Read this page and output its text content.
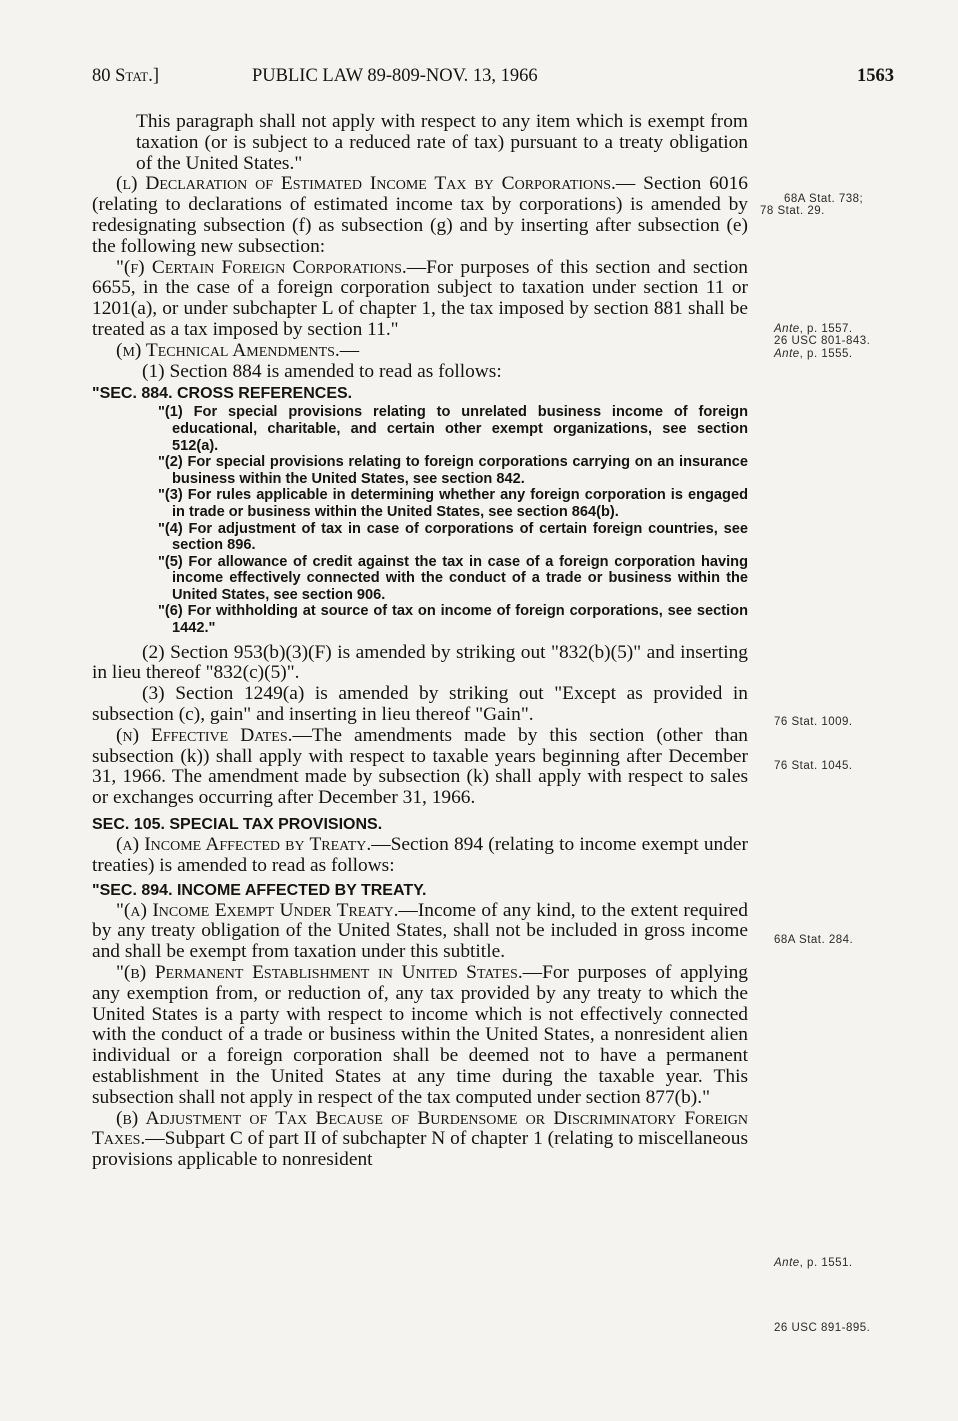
80 Stat.]	PUBLIC LAW 89-809-NOV. 13, 1966	1563

This paragraph shall not apply with respect to any item which is exempt from taxation (or is subject to a reduced rate of tax) pursuant to a treaty obligation of the United States."

(l) Declaration of Estimated Income Tax by Corporations.— Section 6016 (relating to declarations of estimated income tax by corporations) is amended by redesignating subsection (f) as subsection (g) and by inserting after subsection (e) the following new subsection:

"(f) Certain Foreign Corporations.—For purposes of this section and section 6655, in the case of a foreign corporation subject to taxation under section 11 or 1201(a), or under subchapter L of chapter 1, the tax imposed by section 881 shall be treated as a tax imposed by section 11."

(m) Technical Amendments.—

(1) Section 884 is amended to read as follows:

"SEC. 884. CROSS REFERENCES.

"(1) For special provisions relating to unrelated business income of foreign educational, charitable, and certain other exempt organizations, see section 512(a).

"(2) For special provisions relating to foreign corporations carrying on an insurance business within the United States, see section 842.

"(3) For rules applicable in determining whether any foreign corporation is engaged in trade or business within the United States, see section 864(b).

"(4) For adjustment of tax in case of corporations of certain foreign countries, see section 896.

"(5) For allowance of credit against the tax in case of a foreign corporation having income effectively connected with the conduct of a trade or business within the United States, see section 906.

"(6) For withholding at source of tax on income of foreign corporations, see section 1442."

(2) Section 953(b)(3)(F) is amended by striking out "832(b)(5)" and inserting in lieu thereof "832(c)(5)".

(3) Section 1249(a) is amended by striking out "Except as provided in subsection (c), gain" and inserting in lieu thereof "Gain".

(n) Effective Dates.—The amendments made by this section (other than subsection (k)) shall apply with respect to taxable years beginning after December 31, 1966. The amendment made by subsection (k) shall apply with respect to sales or exchanges occurring after December 31, 1966.

SEC. 105. SPECIAL TAX PROVISIONS.

(a) Income Affected by Treaty.—Section 894 (relating to income exempt under treaties) is amended to read as follows:

"SEC. 894. INCOME AFFECTED BY TREATY.

"(a) Income Exempt Under Treaty.—Income of any kind, to the extent required by any treaty obligation of the United States, shall not be included in gross income and shall be exempt from taxation under this subtitle.

"(b) Permanent Establishment in United States.—For purposes of applying any exemption from, or reduction of, any tax provided by any treaty to which the United States is a party with respect to income which is not effectively connected with the conduct of a trade or business within the United States, a nonresident alien individual or a foreign corporation shall be deemed not to have a permanent establishment in the United States at any time during the taxable year. This subsection shall not apply in respect of the tax computed under section 877(b)."

(b) Adjustment of Tax Because of Burdensome or Discriminatory Foreign Taxes.—Subpart C of part II of subchapter N of chapter 1 (relating to miscellaneous provisions applicable to nonresident

68A Stat. 738;
78 Stat. 29.
Ante, p. 1557.
26 USC 801-843.
Ante, p. 1555.
76 Stat. 1009.
76 Stat. 1045.
68A Stat. 284.
Ante, p. 1551.
26 USC 891-895.
